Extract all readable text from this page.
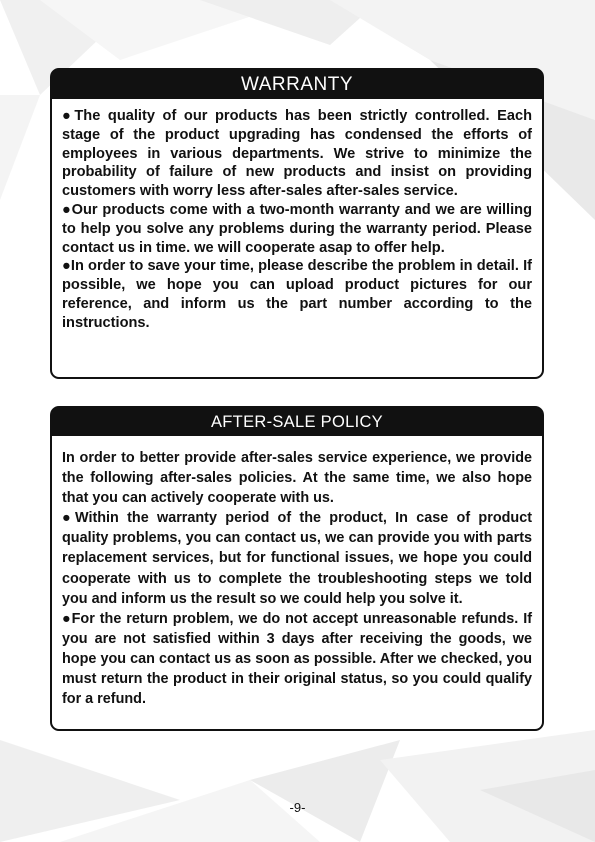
WARRANTY

●The quality of our products has been strictly controlled. Each stage of the product upgrading has condensed the efforts of employees in various departments. We strive to minimize the probability of failure of new products and insist on providing customers with worry less after-sales after-sales service.

●Our products come with a two-month warranty and we are willing to help you solve any problems during the warranty period. Please contact us in time. we will cooperate asap to offer help.

●In order to save your time, please describe the problem in detail. If possible, we hope you can upload product pictures for our reference, and inform us the part number according to the instructions.

AFTER-SALE POLICY

In order to better provide after-sales service experience, we provide the following after-sales policies. At the same time, we also hope that you can actively cooperate with us.

●Within the warranty period of the product, In case of product quality problems, you can contact us, we can provide you with parts replacement services, but for functional issues, we hope you could cooperate with us to complete the troubleshooting steps we told you and inform us the result so we could help you solve it.

●For the return problem, we do not accept unreasonable refunds. If you are not satisfied within 3 days after receiving the goods, we hope you can contact us as soon as possible. After we checked, you must return the product in their original status, so you could qualify for a refund.

-9-
